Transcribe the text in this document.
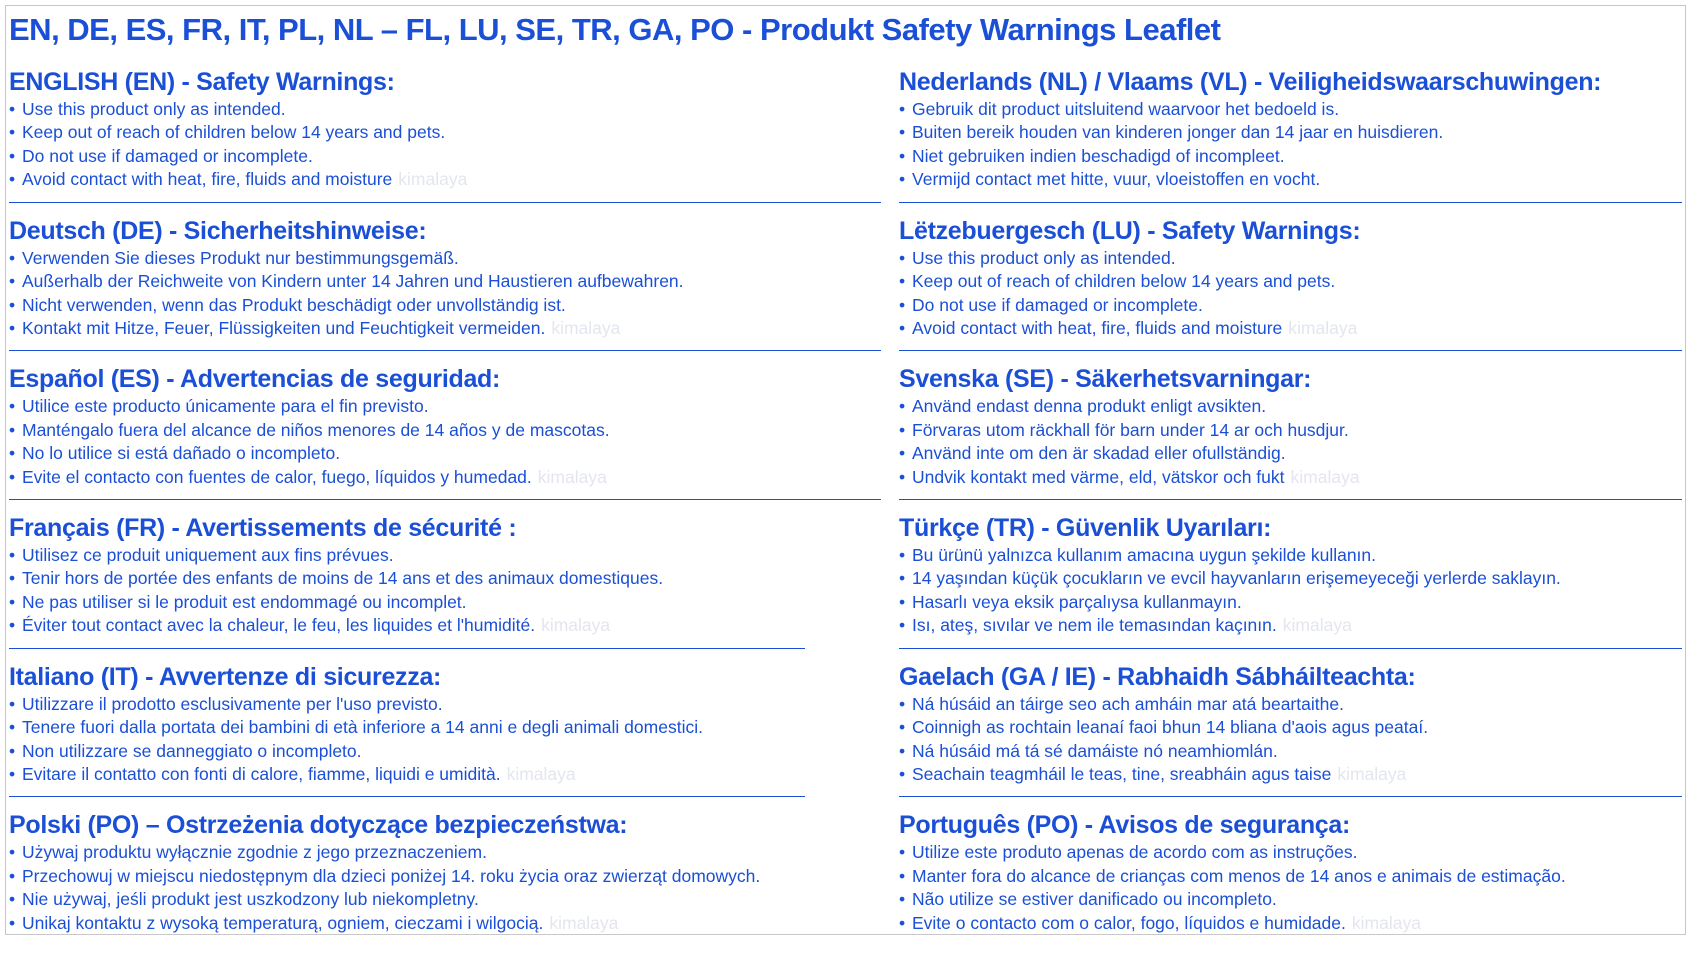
EN, DE, ES, FR, IT, PL, NL – FL, LU, SE, TR, GA, PO - Produkt Safety Warnings Leaflet
ENGLISH (EN) - Safety Warnings:
• Use this product only as intended.
• Keep out of reach of children below 14 years and pets.
• Do not use if damaged or incomplete.
• Avoid contact with heat, fire, fluids and moisture kimalaya
Deutsch (DE) - Sicherheitshinweise:
• Verwenden Sie dieses Produkt nur bestimmungsgemäß.
• Außerhalb der Reichweite von Kindern unter 14 Jahren und Haustieren aufbewahren.
• Nicht verwenden, wenn das Produkt beschädigt oder unvollständig ist.
• Kontakt mit Hitze, Feuer, Flüssigkeiten und Feuchtigkeit vermeiden. kimalaya
Español (ES) - Advertencias de seguridad:
• Utilice este producto únicamente para el fin previsto.
• Manténgalo fuera del alcance de niños menores de 14 años y de mascotas.
• No lo utilice si está dañado o incompleto.
• Evite el contacto con fuentes de calor, fuego, líquidos y humedad. kimalaya
Français (FR) - Avertissements de sécurité :
• Utilisez ce produit uniquement aux fins prévues.
• Tenir hors de portée des enfants de moins de 14 ans et des animaux domestiques.
• Ne pas utiliser si le produit est endommagé ou incomplet.
• Éviter tout contact avec la chaleur, le feu, les liquides et l'humidité. kimalaya
Italiano (IT) - Avvertenze di sicurezza:
• Utilizzare il prodotto esclusivamente per l'uso previsto.
• Tenere fuori dalla portata dei bambini di età inferiore a 14 anni e degli animali domestici.
• Non utilizzare se danneggiato o incompleto.
• Evitare il contatto con fonti di calore, fiamme, liquidi e umidità. kimalaya
Polski (PO) – Ostrzeżenia dotyczące bezpieczeństwa:
• Używaj produktu wyłącznie zgodnie z jego przeznaczeniem.
• Przechowuj w miejscu niedostępnym dla dzieci poniżej 14. roku życia oraz zwierząt domowych.
• Nie używaj, jeśli produkt jest uszkodzony lub niekompletny.
• Unikaj kontaktu z wysoką temperaturą, ogniem, cieczami i wilgocią. kimalaya
Nederlands (NL) / Vlaams (VL) - Veiligheidswaarschuwingen:
• Gebruik dit product uitsluitend waarvoor het bedoeld is.
• Buiten bereik houden van kinderen jonger dan 14 jaar en huisdieren.
• Niet gebruiken indien beschadigd of incompleet.
• Vermijd contact met hitte, vuur, vloeistoffen en vocht.
Lëtzebuergesch (LU) - Safety Warnings:
• Use this product only as intended.
• Keep out of reach of children below 14 years and pets.
• Do not use if damaged or incomplete.
• Avoid contact with heat, fire, fluids and moisture kimalaya
Svenska (SE) - Säkerhetsvarningar:
• Använd endast denna produkt enligt avsikten.
• Förvaras utom räckhall för barn under 14 ar och husdjur.
• Använd inte om den är skadad eller ofullständig.
• Undvik kontakt med värme, eld, vätskor och fukt kimalaya
Türkçe (TR) - Güvenlik Uyarıları:
• Bu ürünü yalnızca kullanım amacına uygun şekilde kullanın.
• 14 yaşından küçük çocukların ve evcil hayvanların erişemeyeceği yerlerde saklayın.
• Hasarlı veya eksik parçalıysa kullanmayın.
• Isı, ateş, sıvılar ve nem ile temasından kaçının. kimalaya
Gaelach (GA / IE) - Rabhaidh Sábháilteachta:
• Ná húsáid an táirge seo ach amháin mar atá beartaithe.
• Coinnigh as rochtain leanaí faoi bhun 14 bliana d'aois agus peataí.
• Ná húsáid má tá sé damáiste nó neamhiomlán.
• Seachain teagmháil le teas, tine, sreabháin agus taise kimalaya
Português (PO) - Avisos de segurança:
• Utilize este produto apenas de acordo com as instruções.
• Manter fora do alcance de crianças com menos de 14 anos e animais de estimação.
• Não utilize se estiver danificado ou incompleto.
• Evite o contacto com o calor, fogo, líquidos e humidade. kimalaya
